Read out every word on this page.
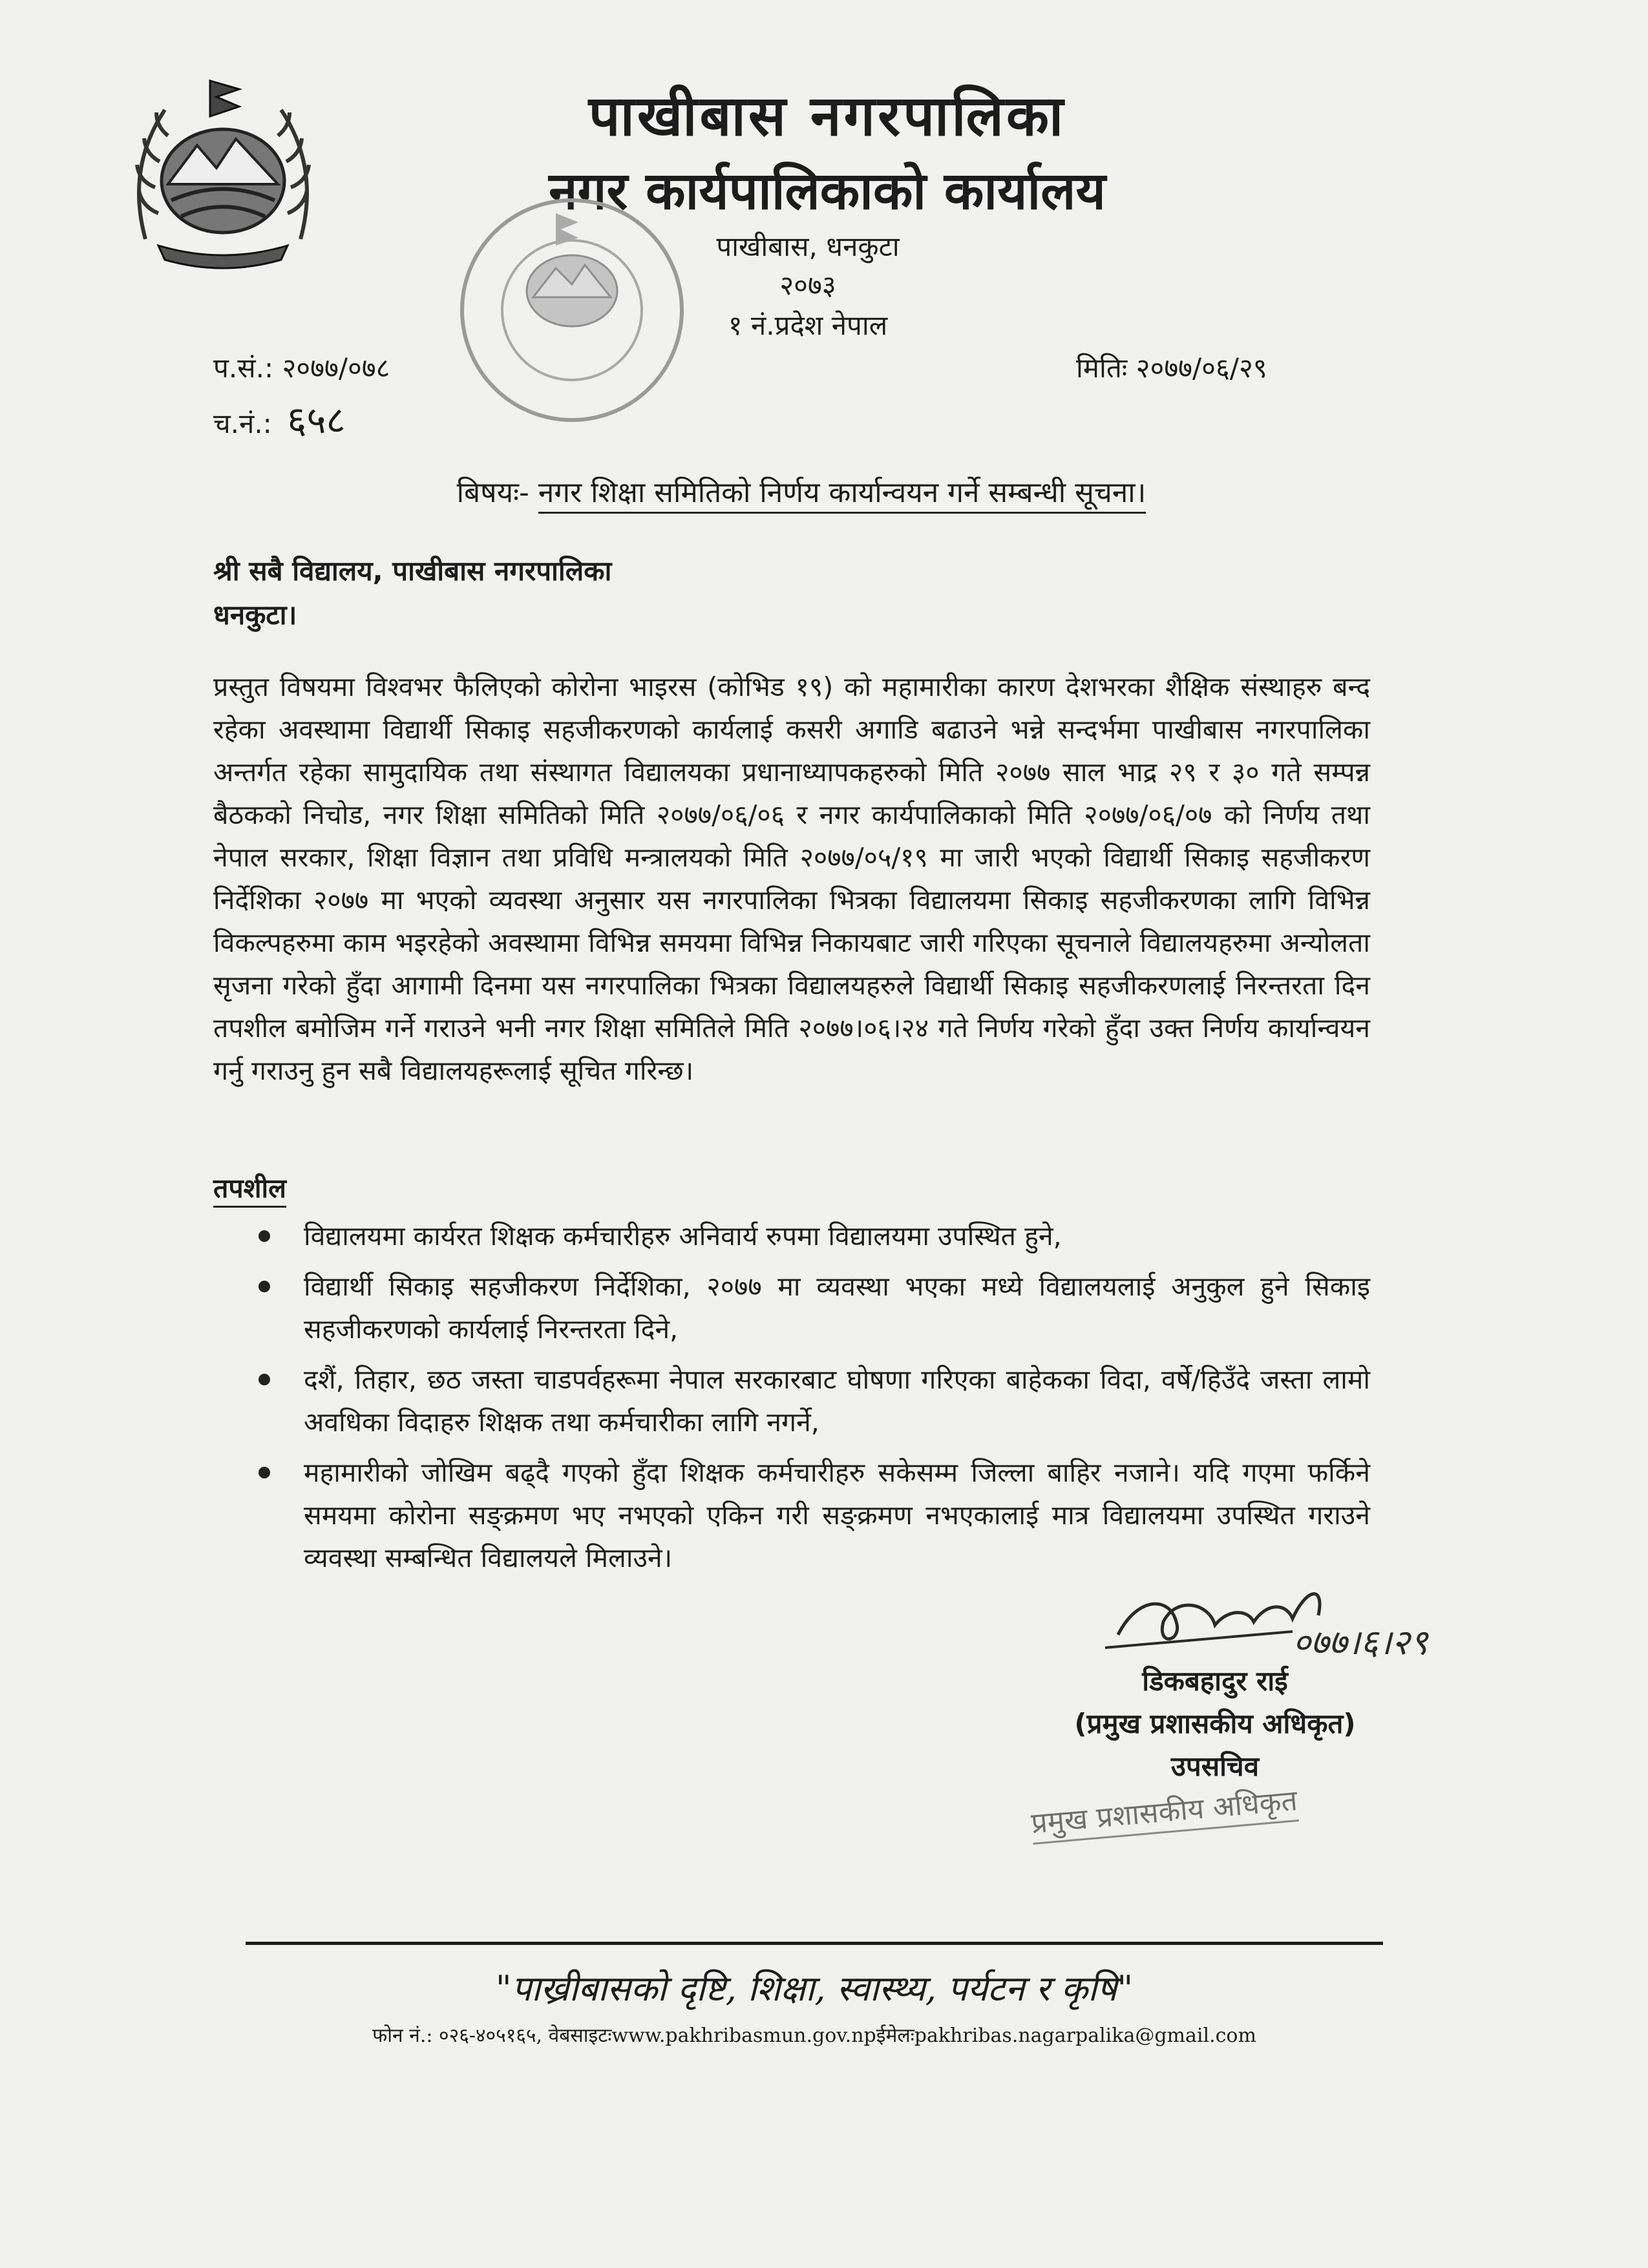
पाखीबास नगरपालिका
नगर कार्यपालिकाको कार्यालय
पाखीबास, धनकुटा
२०७३
१ नं.प्रदेश नेपाल
प.सं.: २०७७/०७८
च.नं.: ६५८
मितिः २०७७/०६/२९
बिषयः- नगर शिक्षा समितिको निर्णय कार्यान्वयन गर्ने सम्बन्धी सूचना।
श्री सबै विद्यालय, पाखीबास नगरपालिका
धनकुटा।
प्रस्तुत विषयमा विश्वभर फैलिएको कोरोना भाइरस (कोभिड १९) को महामारीका कारण देशभरका शैक्षिक संस्थाहरु बन्द रहेका अवस्थामा विद्यार्थी सिकाइ सहजीकरणको कार्यलाई कसरी अगाडि बढाउने भन्ने सन्दर्भमा पाखीबास नगरपालिका अन्तर्गत रहेका सामुदायिक तथा संस्थागत विद्यालयका प्रधानाध्यापकहरुको मिति २०७७ साल भाद्र २९ र ३० गते सम्पन्न बैठकको निचोड, नगर शिक्षा समितिको मिति २०७७/०६/०६ र नगर कार्यपालिकाको मिति २०७७/०६/०७ को निर्णय तथा नेपाल सरकार, शिक्षा विज्ञान तथा प्रविधि मन्त्रालयको मिति २०७७/०५/१९ मा जारी भएको विद्यार्थी सिकाइ सहजीकरण निर्देशिका २०७७ मा भएको व्यवस्था अनुसार यस नगरपालिका भित्रका विद्यालयमा सिकाइ सहजीकरणका लागि विभिन्न विकल्पहरुमा काम भइरहेको अवस्थामा विभिन्न समयमा विभिन्न निकायबाट जारी गरिएका सूचनाले विद्यालयहरुमा अन्योलता सृजना गरेको हुँदा आगामी दिनमा यस नगरपालिका भित्रका विद्यालयहरुले विद्यार्थी सिकाइ सहजीकरणलाई निरन्तरता दिन तपशील बमोजिम गर्ने गराउने भनी नगर शिक्षा समितिले मिति २०७७।०६।२४ गते निर्णय गरेको हुँदा उक्त निर्णय कार्यान्वयन गर्नु गराउनु हुन सबै विद्यालयहरूलाई सूचित गरिन्छ।
तपशील
विद्यालयमा कार्यरत शिक्षक कर्मचारीहरु अनिवार्य रुपमा विद्यालयमा उपस्थित हुने,
विद्यार्थी सिकाइ सहजीकरण निर्देशिका, २०७७ मा व्यवस्था भएका मध्ये विद्यालयलाई अनुकुल हुने सिकाइ सहजीकरणको कार्यलाई निरन्तरता दिने,
दशैं, तिहार, छठ जस्ता चाडपर्वहरूमा नेपाल सरकारबाट घोषणा गरिएका बाहेकका विदा, वर्षे/हिउँदे जस्ता लामो अवधिका विदाहरु शिक्षक तथा कर्मचारीका लागि नगर्ने,
महामारीको जोखिम बढ्दै गएको हुँदा शिक्षक कर्मचारीहरु सकेसम्म जिल्ला बाहिर नजाने। यदि गएमा फर्किने समयमा कोरोना सङ्क्रमण भए नभएको एकिन गरी सङ्क्रमण नभएकालाई मात्र विद्यालयमा उपस्थित गराउने व्यवस्था सम्बन्धित विद्यालयले मिलाउने।
०७७।६।२९
डिकबहादुर राई
(प्रमुख प्रशासकीय अधिकृत)
उपसचिव
प्रमुख प्रशासकीय अधिकृत
"पाख्रीबासको दृष्टि, शिक्षा, स्वास्थ्य, पर्यटन र कृषि"
फोन नं.: ०२६-४०५१६५, वेबसाइटःwww.pakhribasmun.gov.npईमेलःpakhribas.nagarpalika@gmail.com
